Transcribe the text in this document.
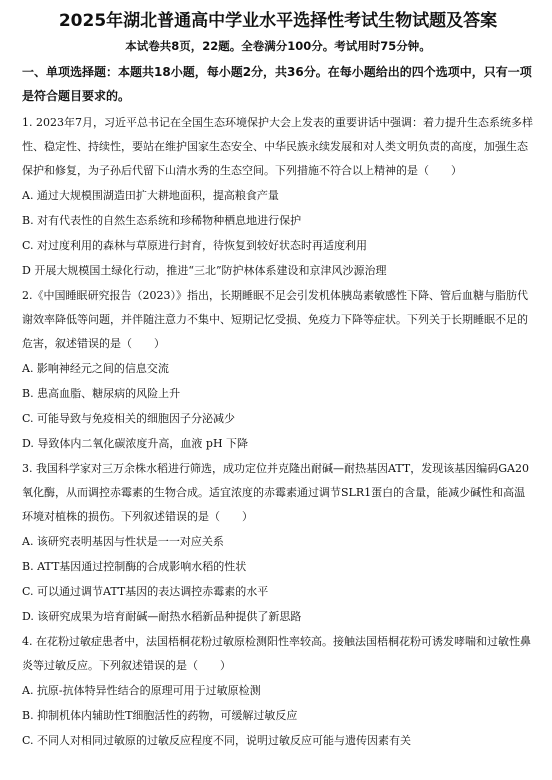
2025年湖北普通高中学业水平选择性考试生物试题及答案

本试卷共8页，22题。全卷满分100分。考试用时75分钟。

一、单项选择题：本题共18小题，每小题2分，共36分。在每小题给出的四个选项中，只有一项是符合题目要求的。

1. 2023年7月，习近平总书记在全国生态环境保护大会上发表的重要讲话中强调：着力提升生态系统多样性、稳定性、持续性，要站在维护国家生态安全、中华民族永续发展和对人类文明负责的高度，加强生态保护和修复，为子孙后代留下山清水秀的生态空间。下列措施不符合以上精神的是（　　）

A. 通过大规模围湖造田扩大耕地面积，提高粮食产量

B. 对有代表性的自然生态系统和珍稀物种栖息地进行保护

C. 对过度利用的森林与草原进行封育，待恢复到较好状态时再适度利用

D 开展大规模国土绿化行动，推进“三北”防护林体系建设和京津风沙源治理

2.《中国睡眠研究报告（2023）》指出，长期睡眠不足会引发机体胰岛素敏感性下降、管后血糖与脂肪代谢效率降低等问题，并伴随注意力不集中、短期记忆受损、免疫力下降等症状。下列关于长期睡眠不足的危害，叙述错误的是（　　）

A. 影响神经元之间的信息交流

B. 患高血脂、糖尿病的风险上升

C. 可能导致与免疫相关的细胞因子分泌减少

D. 导致体内二氧化碳浓度升高，血液 pH 下降

3. 我国科学家对三万余株水稻进行筛选，成功定位并克隆出耐碱—耐热基因ATT，发现该基因编码GA20氧化酶，从而调控赤霉素的生物合成。适宜浓度的赤霉素通过调节SLR1蛋白的含量，能减少碱性和高温环境对植株的损伤。下列叙述错误的是（　　）

A. 该研究表明基因与性状是一一对应关系

B. ATT基因通过控制酶的合成影响水稻的性状

C. 可以通过调节ATT基因的表达调控赤霉素的水平

D. 该研究成果为培育耐碱—耐热水稻新品种提供了新思路

4. 在花粉过敏症患者中，法国梧桐花粉过敏原检测阳性率较高。接触法国梧桐花粉可诱发哮喘和过敏性鼻炎等过敏反应。下列叙述错误的是（　　）

A. 抗原-抗体特异性结合的原理可用于过敏原检测

B. 抑制机体内辅助性T细胞活性的药物，可缓解过敏反应

C. 不同人对相同过敏原的过敏反应程度不同，说明过敏反应可能与遗传因素有关
